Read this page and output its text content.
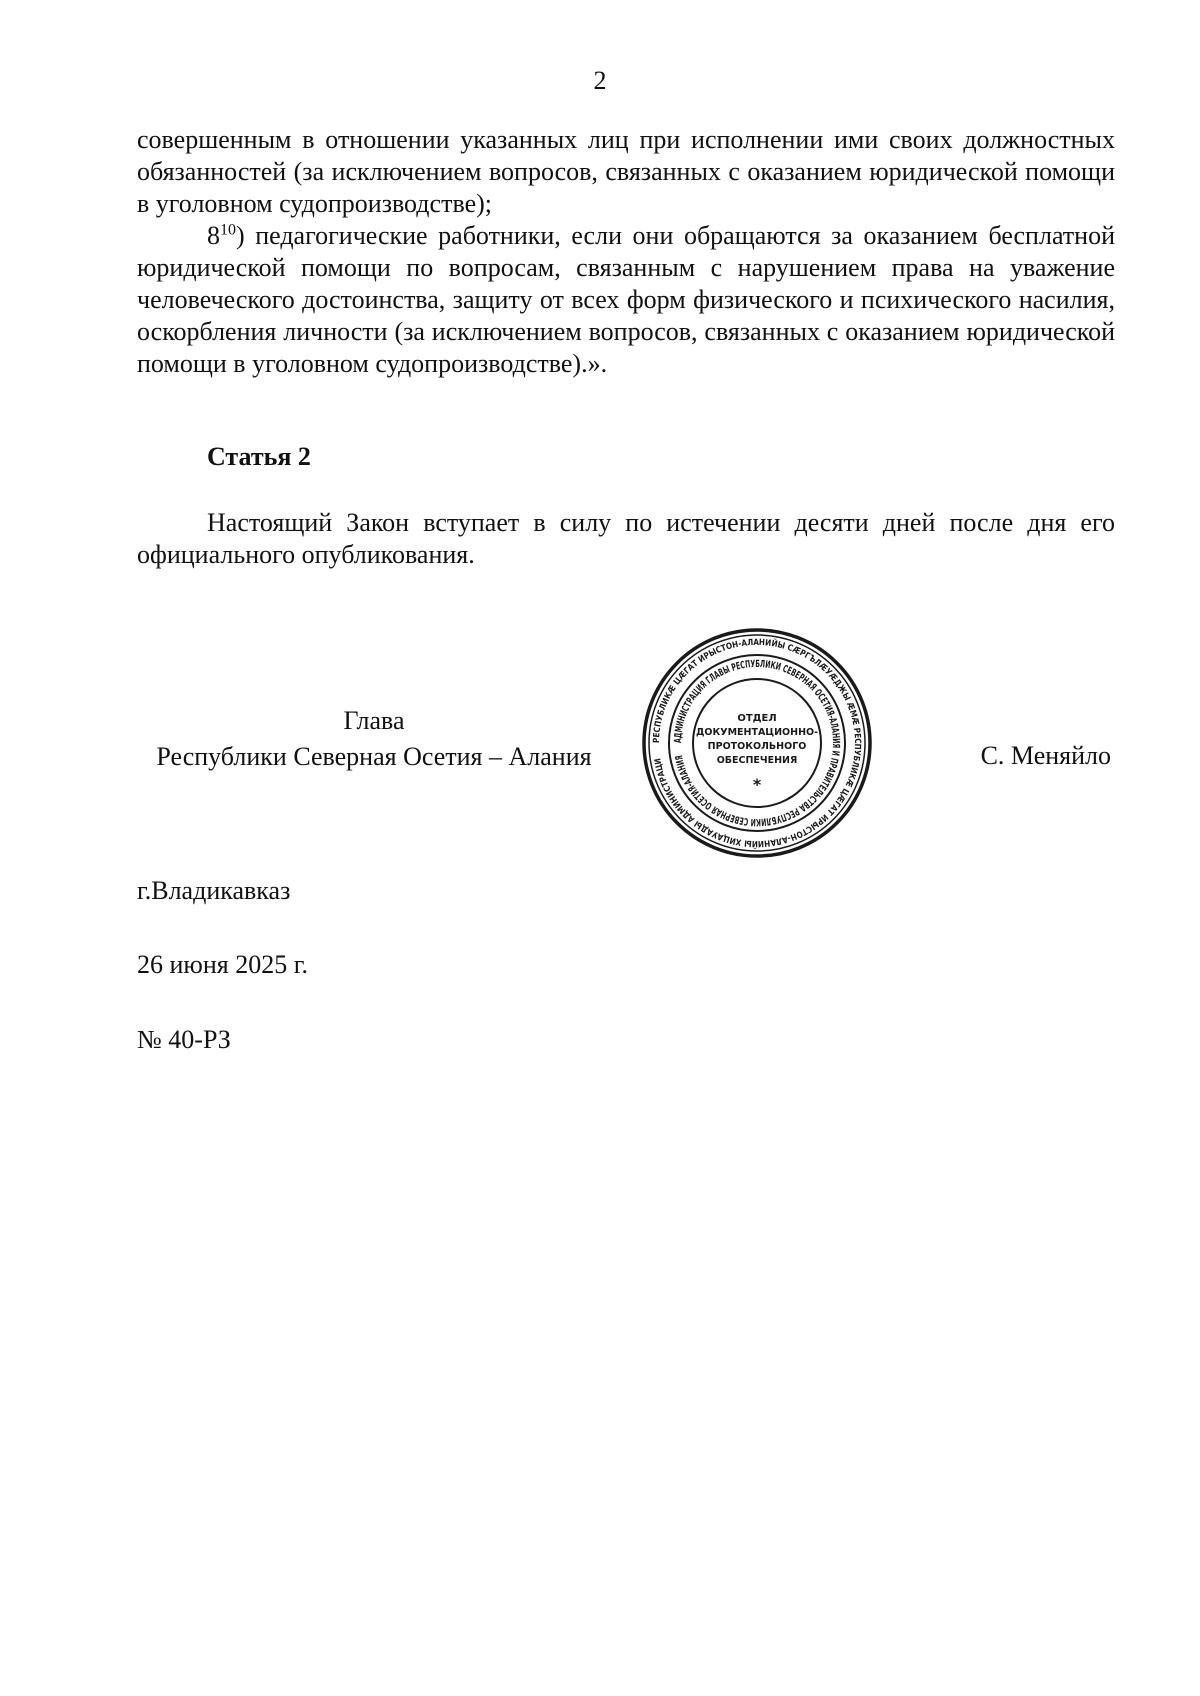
2
совершенным в отношении указанных лиц при исполнении ими своих должностных обязанностей (за исключением вопросов, связанных с оказанием юридической помощи в уголовном судопроизводстве);
$8^{10}$) педагогические работники, если они обращаются за оказанием бесплатной юридической помощи по вопросам, связанным с нарушением права на уважение человеческого достоинства, защиту от всех форм физического и психического насилия, оскорбления личности (за исключением вопросов, связанных с оказанием юридической помощи в уголовном судопроизводстве).».
Статья 2
Настоящий Закон вступает в силу по истечении десяти дней после дня его официального опубликования.
Глава
Республики Северная Осетия – Алания
РЕСПУБЛИКÆ ЦÆГАТ ИРЫСТОН-АЛАНИЙЫ СÆРГЪЛÆУÆДЖЫ ÆМÆ РЕСПУБЛИКÆ ЦÆГАТ ИРЫСТОН-АЛАНИЙЫ ХИЦАУАДЫ АДМИНИСТРАЦИ
АДМИНИСТРАЦИЯ ГЛАВЫ РЕСПУБЛИКИ СЕВЕРНАЯ ОСЕТИЯ-АЛАНИЯ И ПРАВИТЕЛЬСТВА РЕСПУБЛИКИ СЕВЕРНАЯ ОСЕТИЯ-АЛАНИЯ
ОТДЕЛ
ДОКУМЕНТАЦИОННО-
ПРОТОКОЛЬНОГО
ОБЕСПЕЧЕНИЯ
*
С. Меняйло
г.Владикавказ
26 июня 2025 г.
№ 40-РЗ
